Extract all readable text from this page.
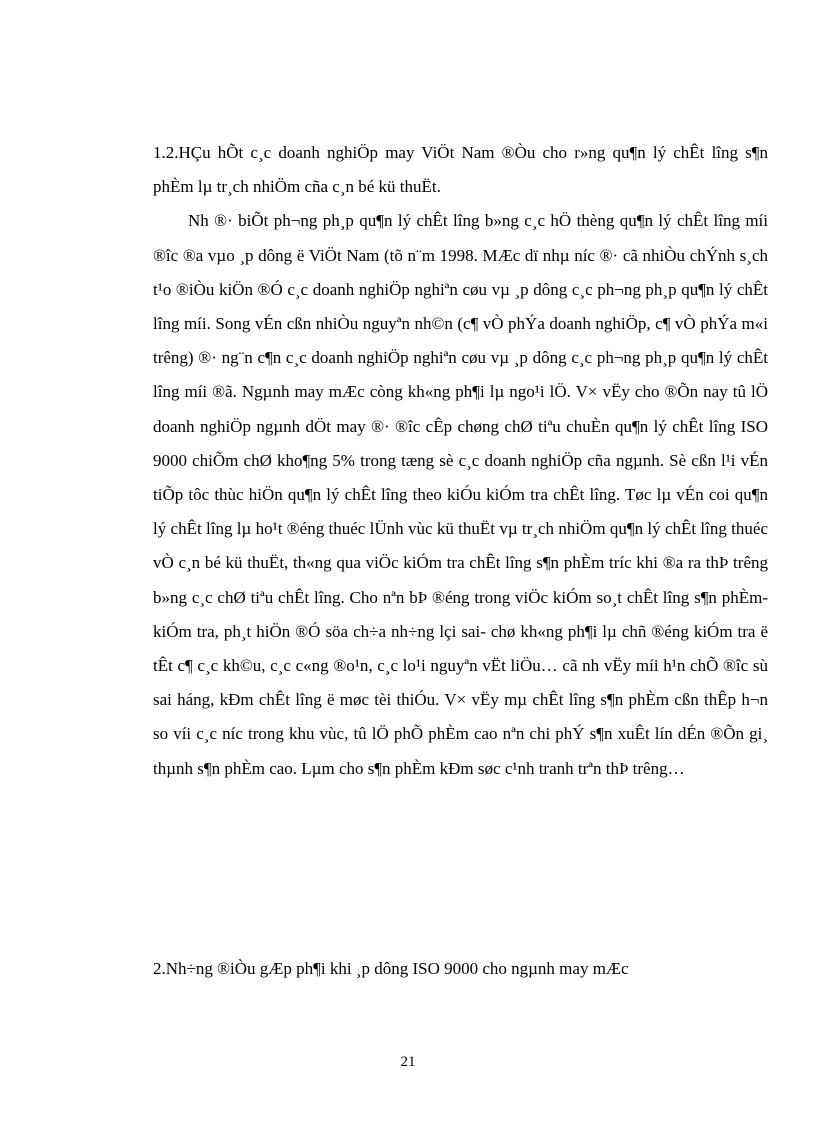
1.2.HÇu hÕt c¸c doanh nghiÖp may ViÖt Nam ®Òu cho r»ng qu¶n lý chÊt lîng s¶n phÈm lµ tr¸ch nhiÖm cña c¸n bé kü thuËt.

Nh ®· biÕt ph¬ng ph¸p qu¶n lý chÊt lîng b»ng c¸c hÖ thèng qu¶n lý chÊt lîng míi ®îc ®a vµo ¸p dông ë ViÖt Nam (tõ n¨m 1998. MÆc dï nhµ níc ®· cã nhiÒu chÝnh s¸ch t¹o ®iÒu kiÖn ®Ó c¸c doanh nghiÖp nghiªn cøu vµ ¸p dông c¸c ph¬ng ph¸p qu¶n lý chÊt lîng míi. Song vÉn cßn nhiÒu nguyªn nh©n (c¶ vÒ phÝa doanh nghiÖp, c¶ vÒ phÝa m«i trêng) ®· ng¨n c¶n c¸c doanh nghiÖp nghiªn cøu vµ ¸p dông c¸c ph¬ng ph¸p qu¶n lý chÊt lîng míi ®ã. Ngµnh may mÆc còng kh«ng ph¶i lµ ngo¹i lÖ. V× vËy cho ®Õn nay tû lÖ doanh nghiÖp ngµnh dÖt may ®· ®îc cÊp chøng chØ tiªu chuÈn qu¶n lý chÊt lîng ISO 9000 chiÕm chØ kho¶ng 5% trong tæng sè c¸c doanh nghiÖp cña ngµnh. Sè cßn l¹i vÉn tiÕp tôc thùc hiÖn qu¶n lý chÊt lîng theo kiÓu kiÓm tra chÊt lîng. Tøc lµ vÉn coi qu¶n lý chÊt lîng lµ ho¹t ®éng thuéc lÜnh vùc kü thuËt vµ tr¸ch nhiÖm qu¶n lý chÊt lîng thuéc vÒ c¸n bé kü thuËt, th«ng qua viÖc kiÓm tra chÊt lîng s¶n phÈm tríc khi ®a ra thÞ trêng b»ng c¸c chØ tiªu chÊt lîng. Cho nªn bÞ ®éng trong viÖc kiÓm so¸t chÊt lîng s¶n phÈm-kiÓm tra, ph¸t hiÖn ®Ó söa ch÷a nh÷ng lçi sai- chø kh«ng ph¶i lµ chñ ®éng kiÓm tra ë tÊt c¶ c¸c kh©u, c¸c c«ng ®o¹n, c¸c lo¹i nguyªn vËt liÖu… cã nh vËy míi h¹n chÕ ®îc sù sai háng, kÐm chÊt lîng ë møc tèi thiÓu. V× vËy mµ chÊt lîng s¶n phÈm cßn thÊp h¬n so víi c¸c níc trong khu vùc, tû lÖ phÕ phÈm cao nªn chi phÝ s¶n xuÊt lín dÉn ®Õn gi¸ thµnh s¶n phÈm cao. Lµm cho s¶n phÈm kÐm søc c¹nh tranh trªn thÞ trêng…

2.Nh÷ng ®iÒu gÆp ph¶i khi ¸p dông ISO 9000 cho ngµnh may mÆc

21
